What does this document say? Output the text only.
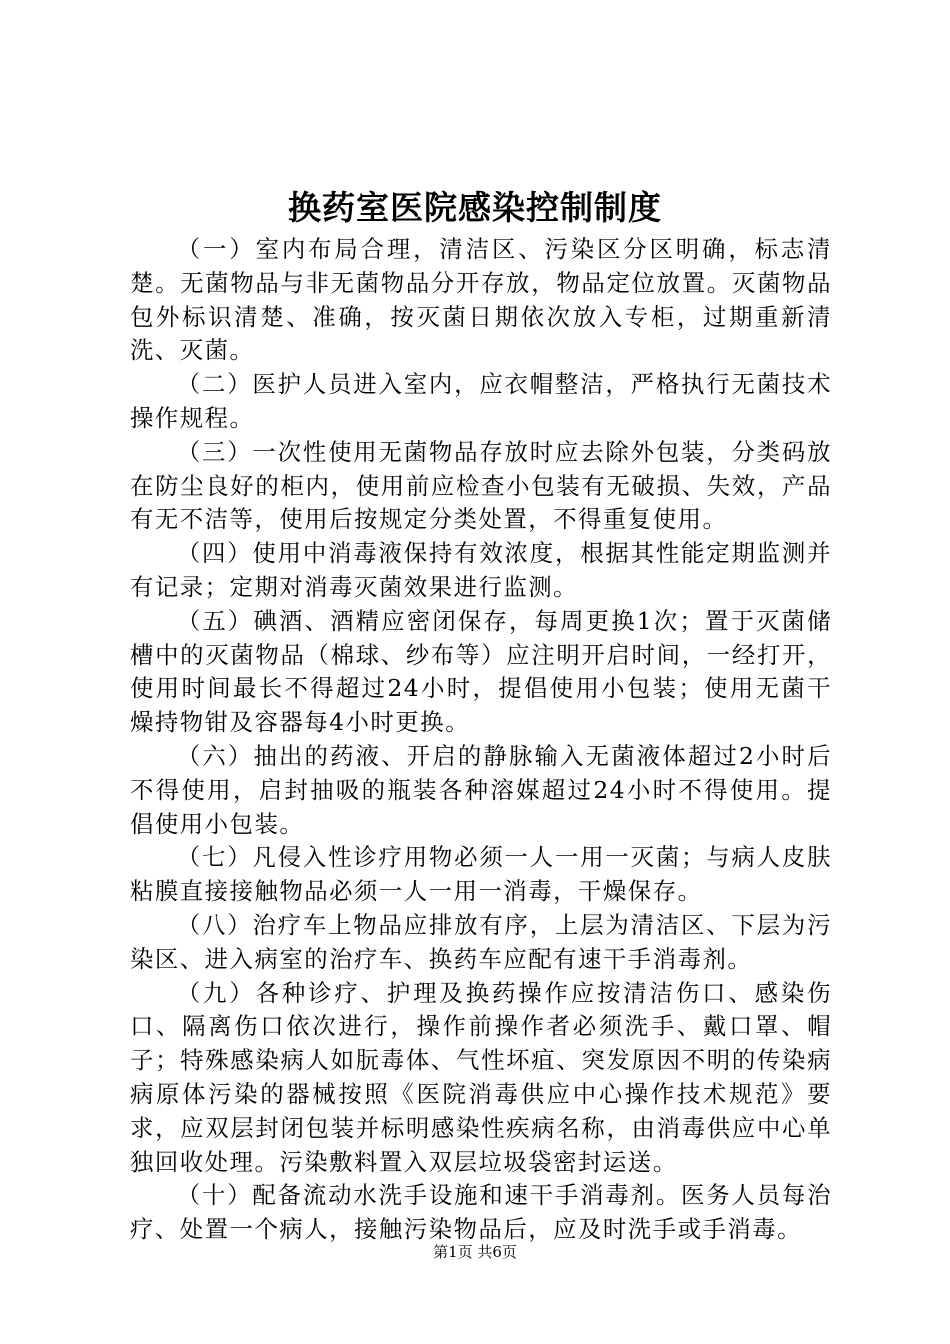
换药室医院感染控制制度

（一）室内布局合理，清洁区、污染区分区明确，标志清楚。无菌物品与非无菌物品分开存放，物品定位放置。灭菌物品包外标识清楚、准确，按灭菌日期依次放入专柜，过期重新清洗、灭菌。

（二）医护人员进入室内，应衣帽整洁，严格执行无菌技术操作规程。

（三）一次性使用无菌物品存放时应去除外包装，分类码放在防尘良好的柜内，使用前应检查小包装有无破损、失效，产品有无不洁等，使用后按规定分类处置，不得重复使用。

（四）使用中消毒液保持有效浓度，根据其性能定期监测并有记录；定期对消毒灭菌效果进行监测。

（五）碘酒、酒精应密闭保存，每周更换1次；置于灭菌储槽中的灭菌物品（棉球、纱布等）应注明开启时间，一经打开，使用时间最长不得超过24小时，提倡使用小包装；使用无菌干燥持物钳及容器每4小时更换。

（六）抽出的药液、开启的静脉输入无菌液体超过2小时后不得使用，启封抽吸的瓶装各种溶媒超过24小时不得使用。提倡使用小包装。

（七）凡侵入性诊疗用物必须一人一用一灭菌；与病人皮肤粘膜直接接触物品必须一人一用一消毒，干燥保存。

（八）治疗车上物品应排放有序，上层为清洁区、下层为污染区、进入病室的治疗车、换药车应配有速干手消毒剂。

（九）各种诊疗、护理及换药操作应按清洁伤口、感染伤口、隔离伤口依次进行，操作前操作者必须洗手、戴口罩、帽子；特殊感染病人如朊毒体、气性坏疽、突发原因不明的传染病病原体污染的器械按照《医院消毒供应中心操作技术规范》要求，应双层封闭包装并标明感染性疾病名称，由消毒供应中心单独回收处理。污染敷料置入双层垃圾袋密封运送。

（十）配备流动水洗手设施和速干手消毒剂。医务人员每治疗、处置一个病人，接触污染物品后，应及时洗手或手消毒。

第1页 共6页
